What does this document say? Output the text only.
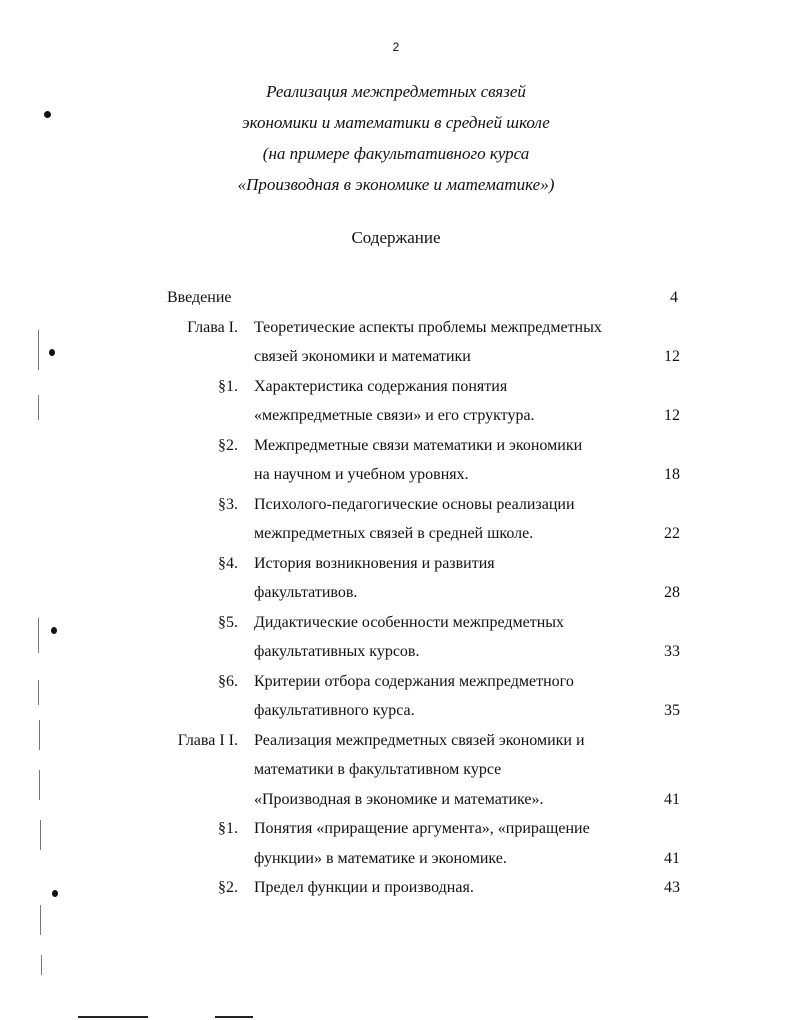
2
Реализация межпредметных связей
экономики и математики в средней школе
(на примере факультативного курса
«Производная в экономике и математике»)
Содержание
Введение	4
Глава I. Теоретические аспекты проблемы межпредметных
связей экономики и математики	12
§1. Характеристика содержания понятия
«межпредметные связи» и его структура.	12
§2. Межпредметные связи математики и экономики
на научном и учебном уровнях.	18
§3. Психолого-педагогические основы реализации
межпредметных связей в средней школе.	22
§4. История возникновения и развития
факультативов.	28
§5. Дидактические особенности межпредметных
факультативных курсов.	33
§6. Критерии отбора содержания межпредметного
факультативного курса.	35
Глава I I. Реализация межпредметных связей экономики и
математики в факультативном курсе
«Производная в экономике и математике».	41
§1. Понятия «приращение аргумента», «приращение
функции» в математике и экономике.	41
§2. Предел функции и производная.	43
